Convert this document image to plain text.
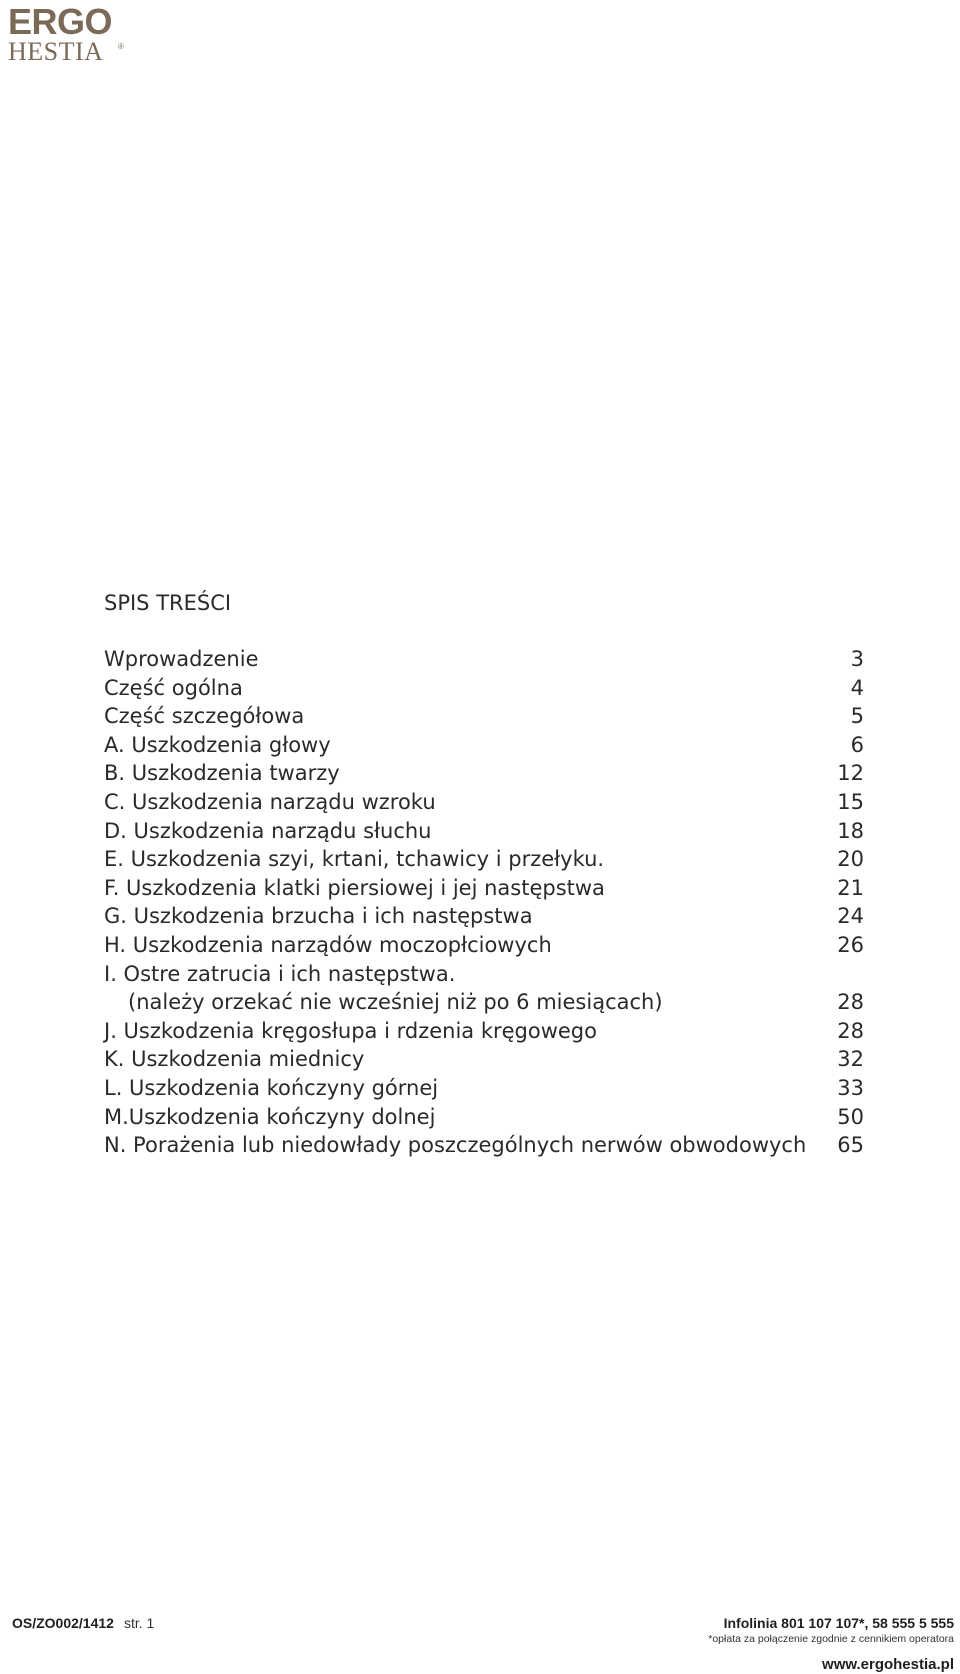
ERGO
HESTIA ®
SPIS TREŚCI
Wprowadzenie	3
Część ogólna	4
Część szczegółowa	5
A. Uszkodzenia głowy	6
B. Uszkodzenia twarzy	12
C. Uszkodzenia narządu wzroku	15
D. Uszkodzenia narządu słuchu	18
E. Uszkodzenia szyi, krtani, tchawicy i przełyku.	20
F. Uszkodzenia klatki piersiowej i jej następstwa	21
G. Uszkodzenia brzucha i ich następstwa	24
H. Uszkodzenia narządów moczopłciowych	26
I. Ostre zatrucia i ich następstwa.
(należy orzekać nie wcześniej niż po 6 miesiącach)	28
J. Uszkodzenia kręgosłupa i rdzenia kręgowego	28
K. Uszkodzenia miednicy	32
L. Uszkodzenia kończyny górnej	33
M.Uszkodzenia kończyny dolnej	50
N. Porażenia lub niedowłady poszczególnych nerwów obwodowych 65
OS/ZO002/1412 str. 1	Infolinia 801 107 107*, 58 555 5 555
*opłata za połączenie zgodnie z cennikiem operatora
www.ergohestia.pl
